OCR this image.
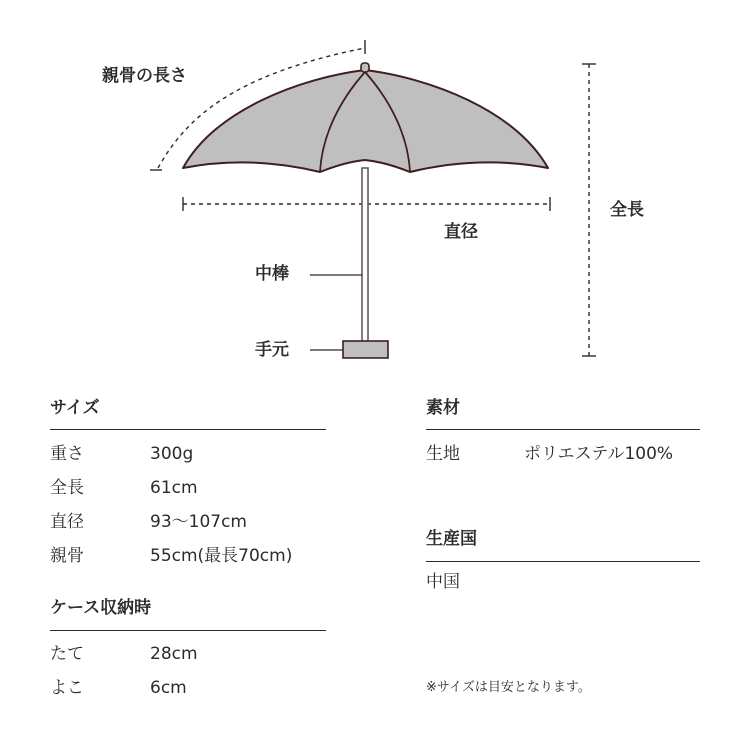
親骨の長さ
全長
直径
中棒
手元
サイズ
重さ	300g
全長	61cm
直径	93〜107cm
親骨	55cm(最長70cm)
ケース収納時
たて	28cm
よこ	6cm
素材
生地	ポリエステル100%
生産国
中国
※サイズは目安となります。
